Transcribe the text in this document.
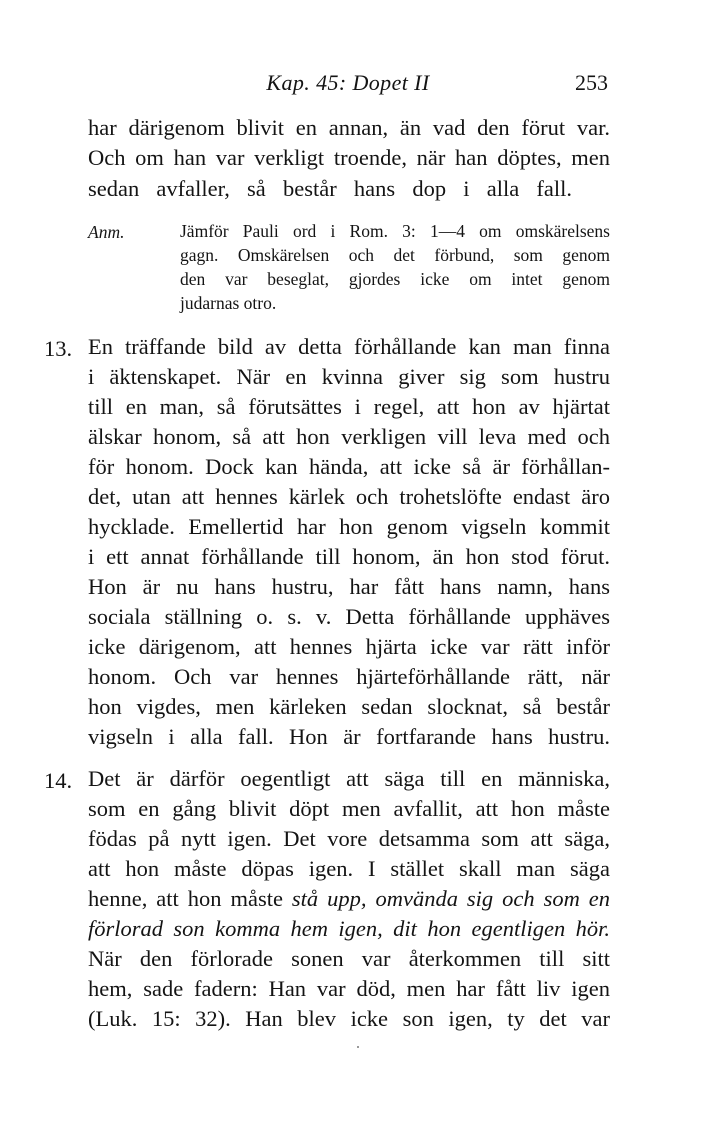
Kap. 45: Dopet II	253
har därigenom blivit en annan, än vad den förut var.
Och om han var verkligt troende, när han döptes, men
sedan avfaller, så består hans dop i alla fall.
Anm.	Jämför Pauli ord i Rom. 3: 1—4 om omskärelsens
gagn. Omskärelsen och det förbund, som genom
den var beseglat, gjordes icke om intet genom
judarnas otro.
13. En träffande bild av detta förhållande kan man finna
i äktenskapet. När en kvinna giver sig som hustru
till en man, så förutsättes i regel, att hon av hjärtat
älskar honom, så att hon verkligen vill leva med och
för honom. Dock kan hända, att icke så är förhållan-
det, utan att hennes kärlek och trohetslöfte endast äro
hycklade. Emellertid har hon genom vigseln kommit
i ett annat förhållande till honom, än hon stod förut.
Hon är nu hans hustru, har fått hans namn, hans
sociala ställning o. s. v. Detta förhållande upphäves
icke därigenom, att hennes hjärta icke var rätt inför
honom. Och var hennes hjärteförhållande rätt, när
hon vigdes, men kärleken sedan slocknat, så består
vigseln i alla fall. Hon är fortfarande hans hustru.
14. Det är därför oegentligt att säga till en människa,
som en gång blivit döpt men avfallit, att hon måste
födas på nytt igen. Det vore detsamma som att säga,
att hon måste döpas igen. I stället skall man säga
henne, att hon måste stå upp, omvända sig och som en
förlorad son komma hem igen, dit hon egentligen hör.
När den förlorade sonen var återkommen till sitt
hem, sade fadern: Han var död, men har fått liv igen
(Luk. 15: 32). Han blev icke son igen, ty det var
